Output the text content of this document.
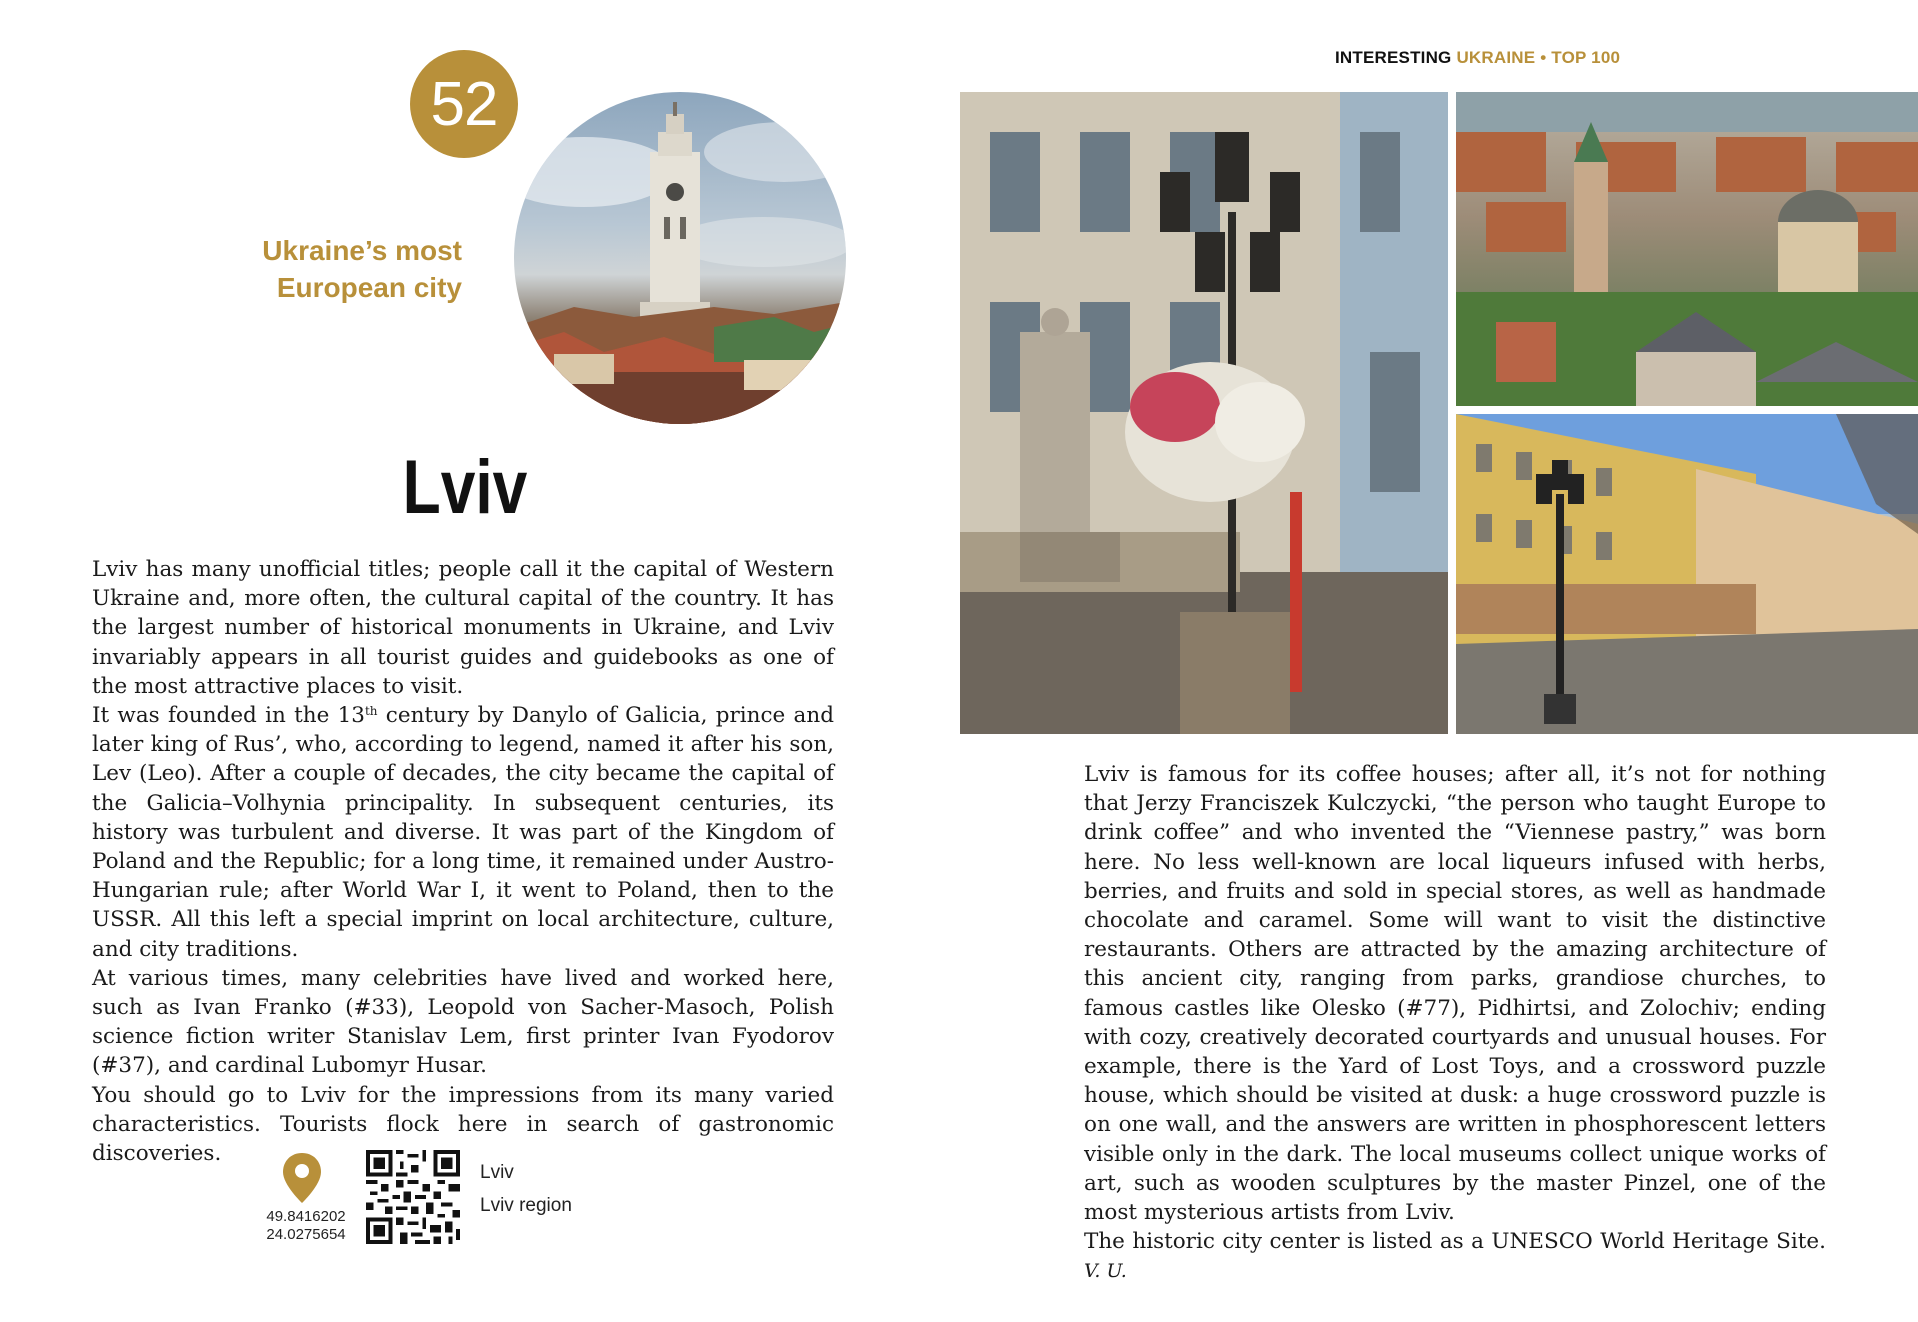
INTERESTING UKRAINE • TOP 100
52
Ukraine’s most
European city
Lviv

Lviv has many unofficial titles; people call it the capital of Western Ukraine and, more often, the cultural capital of the country. It has the largest number of historical monuments in Ukraine, and Lviv invariably appears in all tourist guides and guidebooks as one of the most attractive places to visit.

It was founded in the 13th century by Danylo of Galicia, prince and later king of Rus’, who, according to legend, named it after his son, Lev (Leo). After a couple of decades, the city became the capital of the Galicia–Volhynia principality. In subsequent centuries, its history was turbulent and diverse. It was part of the Kingdom of Poland and the Republic; for a long time, it remained under Austro-Hungarian rule; after World War I, it went to Poland, then to the USSR. All this left a special imprint on local architecture, culture, and city traditions.

At various times, many celebrities have lived and worked here, such as Ivan Franko (#33), Leopold von Sacher-Masoch, Polish science fiction writer Stanislav Lem, first printer Ivan Fyodorov (#37), and cardinal Lubomyr Husar.

You should go to Lviv for the impressions from its many varied characteristics. Tourists flock here in search of gastronomic discoveries.

49.8416202
24.0275654
Lviv
Lviv region

Lviv is famous for its coffee houses; after all, it’s not for nothing that Jerzy Franciszek Kulczycki, “the person who taught Europe to drink coffee” and who invented the “Viennese pastry,” was born here. No less well-known are local liqueurs infused with herbs, berries, and fruits and sold in special stores, as well as handmade chocolate and caramel. Some will want to visit the distinctive restaurants. Others are attracted by the amazing architecture of this ancient city, ranging from parks, grandiose churches, to famous castles like Olesko (#77), Pidhirtsi, and Zolochiv; ending with cozy, creatively decorated courtyards and unusual houses. For example, there is the Yard of Lost Toys, and a crossword puzzle house, which should be visited at dusk: a huge crossword puzzle is on one wall, and the answers are written in phosphorescent letters visible only in the dark. The local museums collect unique works of art, such as wooden sculptures by the master Pinzel, one of the most mysterious artists from Lviv.

The historic city center is listed as a UNESCO World Heritage Site. V. U.
